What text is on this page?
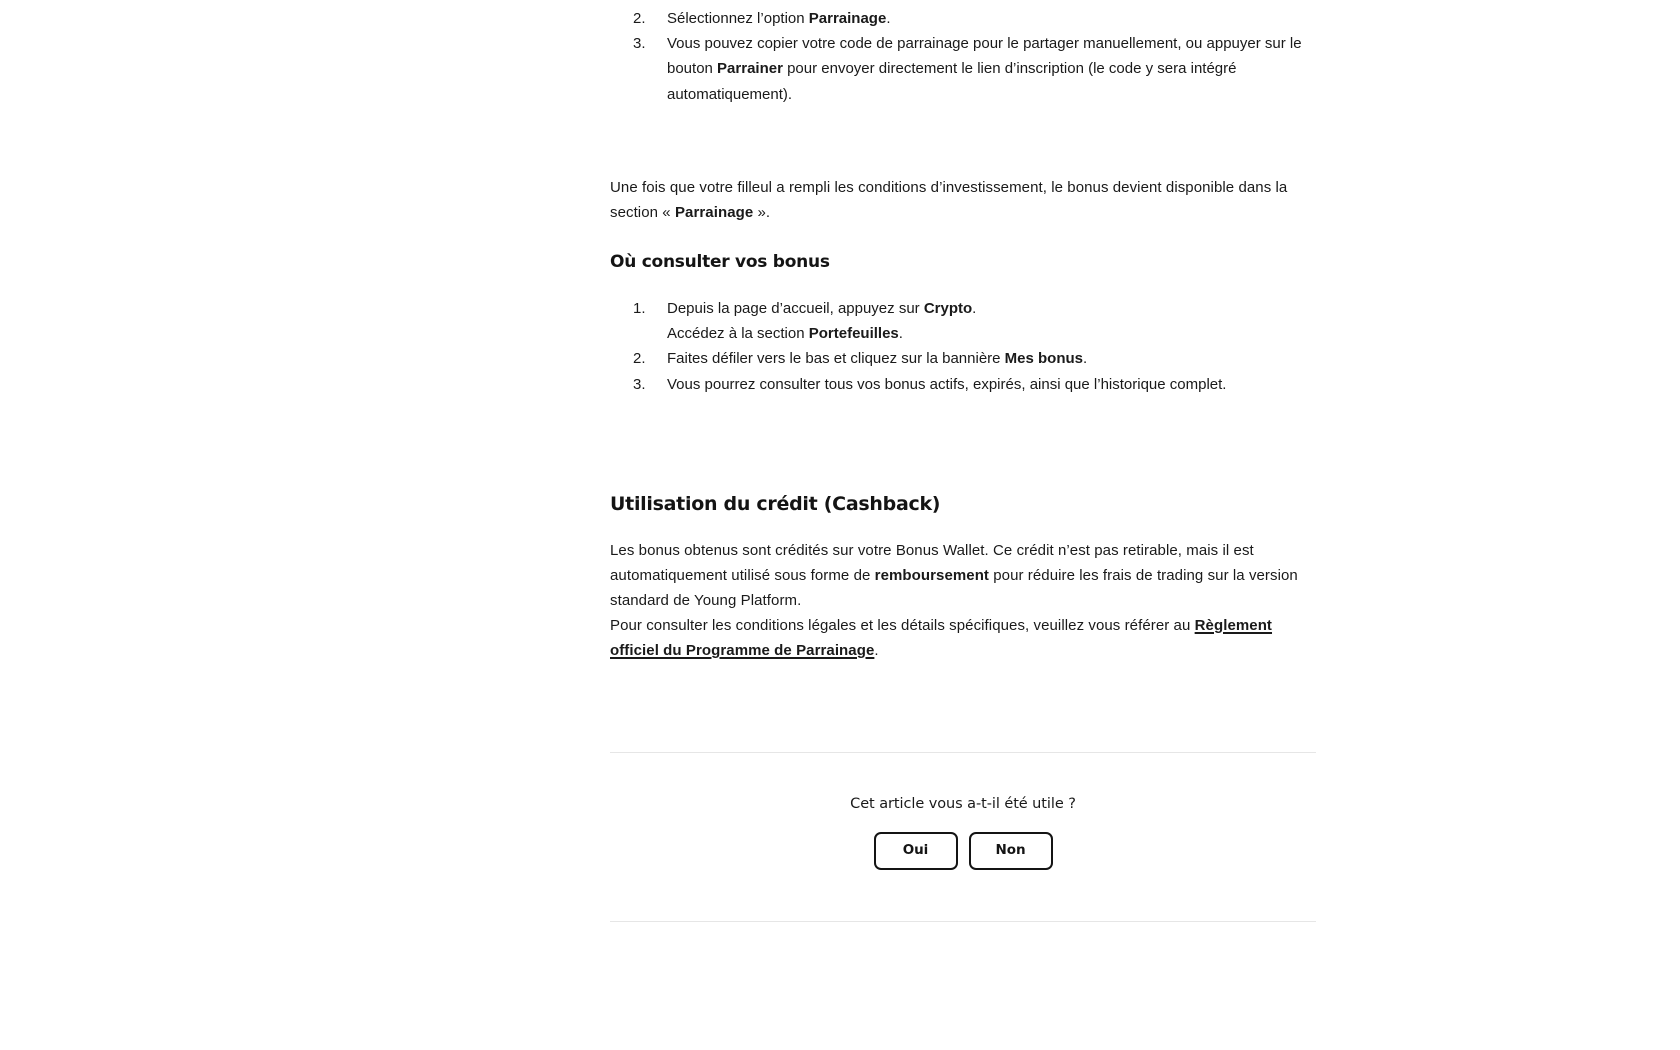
2.	Sélectionnez l’option Parrainage.
3.	Vous pouvez copier votre code de parrainage pour le partager manuellement, ou appuyer sur le bouton Parrainer pour envoyer directement le lien d’inscription (le code y sera intégré automatiquement).

Une fois que votre filleul a rempli les conditions d’investissement, le bonus devient disponible dans la section « Parrainage ».

Où consulter vos bonus
1.	Depuis la page d’accueil, appuyez sur Crypto.
Accédez à la section Portefeuilles.
2.	Faites défiler vers le bas et cliquez sur la bannière Mes bonus.
3.	Vous pourrez consulter tous vos bonus actifs, expirés, ainsi que l’historique complet.
Utilisation du crédit (Cashback)

Les bonus obtenus sont crédités sur votre Bonus Wallet. Ce crédit n’est pas retirable, mais il est automatiquement utilisé sous forme de remboursement pour réduire les frais de trading sur la version standard de Young Platform.

Pour consulter les conditions légales et les détails spécifiques, veuillez vous référer au Règlement officiel du Programme de Parrainage.

Cet article vous a-t-il été utile ?
Oui	Non
